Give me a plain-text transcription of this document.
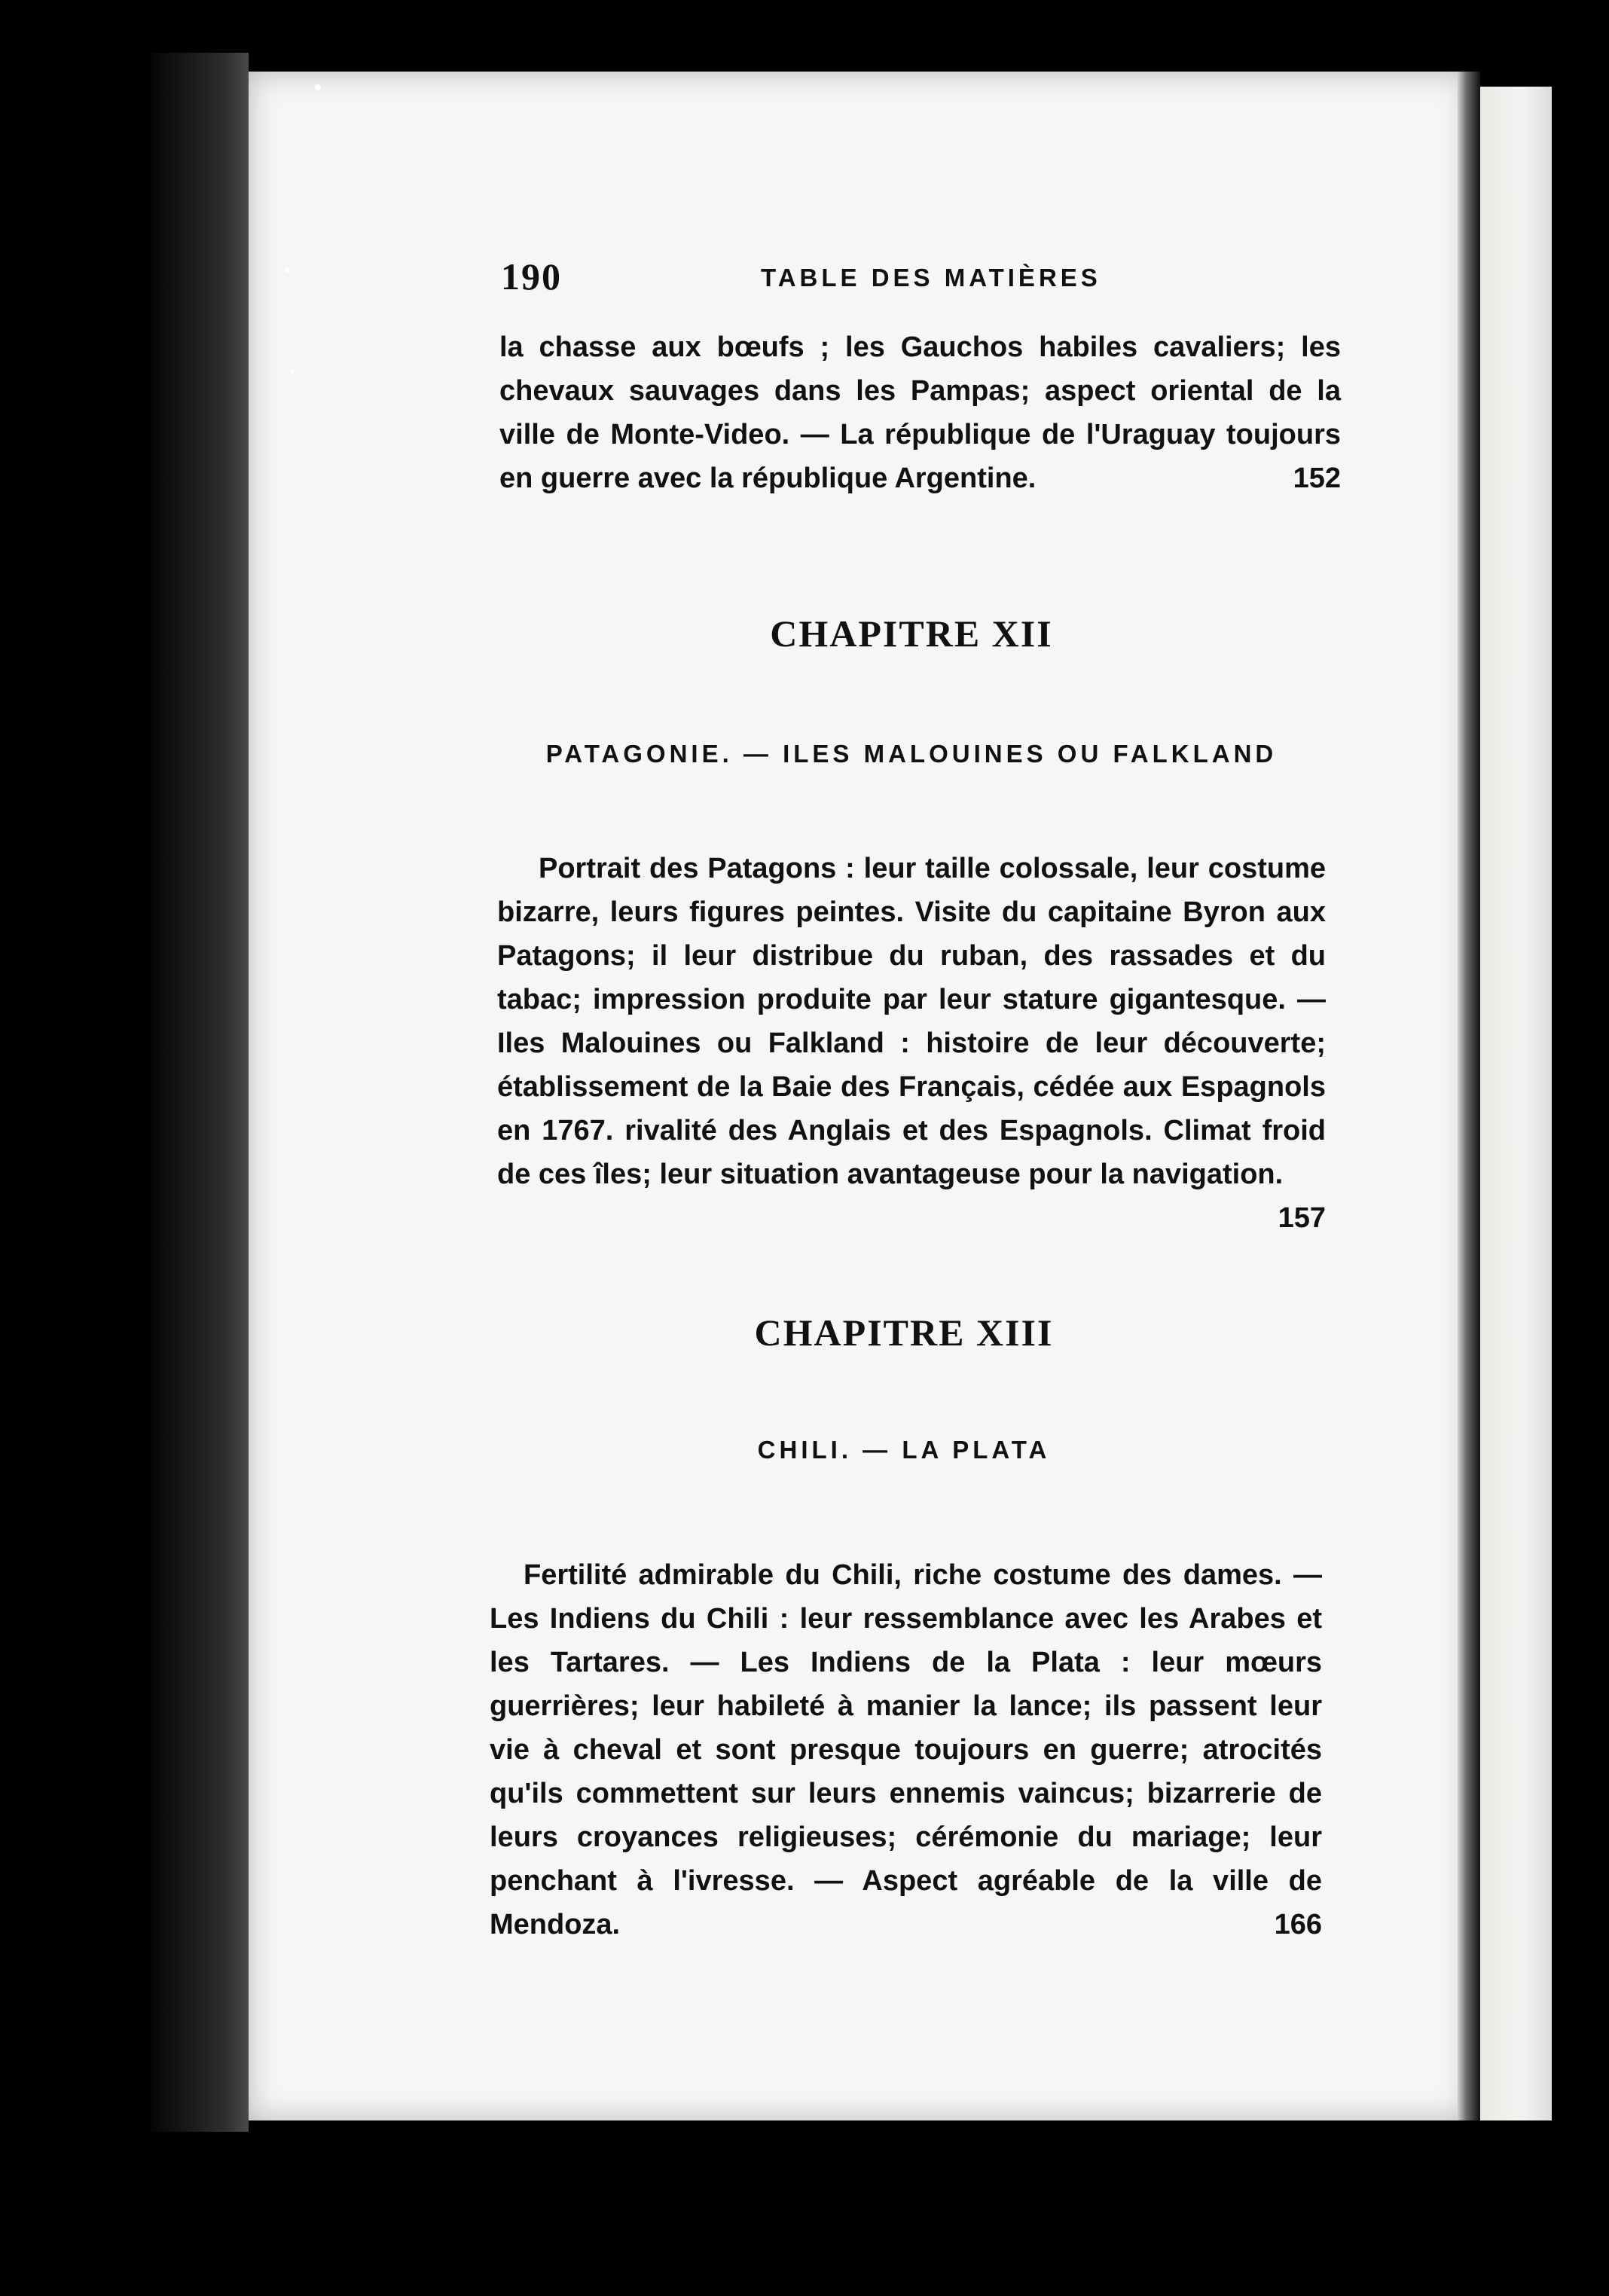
190	TABLE DES MATIÈRES
la chasse aux bœufs ; les Gauchos habiles cavaliers; les chevaux sauvages dans les Pampas; aspect oriental de la ville de Monte-Video. — La république de l'Uraguay toujours en guerre avec la république Argentine.	152
CHAPITRE XII
PATAGONIE. — ILES MALOUINES OU FALKLAND
Portrait des Patagons : leur taille colossale, leur costume bizarre, leurs figures peintes. Visite du capitaine Byron aux Patagons; il leur distribue du ruban, des rassades et du tabac; impression produite par leur stature gigantesque. — Iles Malouines ou Falkland : histoire de leur découverte; établissement de la Baie des Français, cédée aux Espagnols en 1767. rivalité des Anglais et des Espagnols. Climat froid de ces îles; leur situation avantageuse pour la navigation.
157
CHAPITRE XIII
CHILI. — LA PLATA
Fertilité admirable du Chili, riche costume des dames. — Les Indiens du Chili : leur ressemblance avec les Arabes et les Tartares. — Les Indiens de la Plata : leur mœurs guerrières; leur habileté à manier la lance; ils passent leur vie à cheval et sont presque toujours en guerre; atrocités qu'ils commettent sur leurs ennemis vaincus; bizarrerie de leurs croyances religieuses; cérémonie du mariage; leur penchant à l'ivresse. — Aspect agréable de la ville de Mendoza.	166
